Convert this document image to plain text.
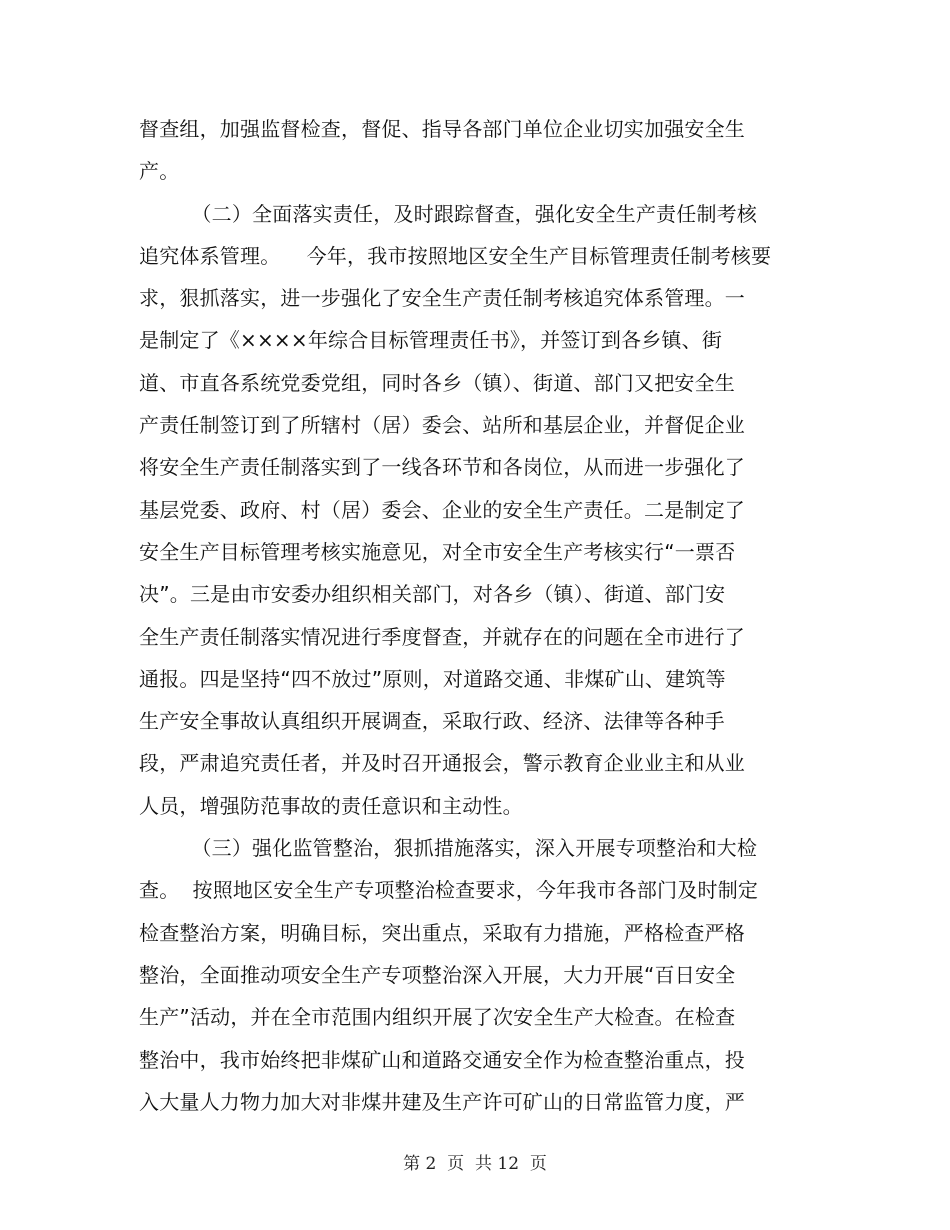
督查组，加强监督检查，督促、指导各部门单位企业切实加强安全生
产。
（二）全面落实责任，及时跟踪督查，强化安全生产责任制考核
追究体系管理。    今年，我市按照地区安全生产目标管理责任制考核要
求，狠抓落实，进一步强化了安全生产责任制考核追究体系管理。一
是制定了《××××年综合目标管理责任书》，并签订到各乡镇、街
道、市直各系统党委党组，同时各乡（镇）、街道、部门又把安全生
产责任制签订到了所辖村（居）委会、站所和基层企业，并督促企业
将安全生产责任制落实到了一线各环节和各岗位，从而进一步强化了
基层党委、政府、村（居）委会、企业的安全生产责任。二是制定了
安全生产目标管理考核实施意见，对全市安全生产考核实行“一票否
决”。三是由市安委办组织相关部门，对各乡（镇）、街道、部门安
全生产责任制落实情况进行季度督查，并就存在的问题在全市进行了
通报。四是坚持“四不放过”原则，对道路交通、非煤矿山、建筑等
生产安全事故认真组织开展调查，采取行政、经济、法律等各种手
段，严肃追究责任者，并及时召开通报会，警示教育企业业主和从业
人员，增强防范事故的责任意识和主动性。
（三）强化监管整治，狠抓措施落实，深入开展专项整治和大检
查。  按照地区安全生产专项整治检查要求，今年我市各部门及时制定
检查整治方案，明确目标，突出重点，采取有力措施，严格检查严格
整治，全面推动项安全生产专项整治深入开展，大力开展“百日安全
生产”活动，并在全市范围内组织开展了次安全生产大检查。在检查
整治中，我市始终把非煤矿山和道路交通安全作为检查整治重点，投
入大量人力物力加大对非煤井建及生产许可矿山的日常监管力度，严
第 2  页  共 12  页
